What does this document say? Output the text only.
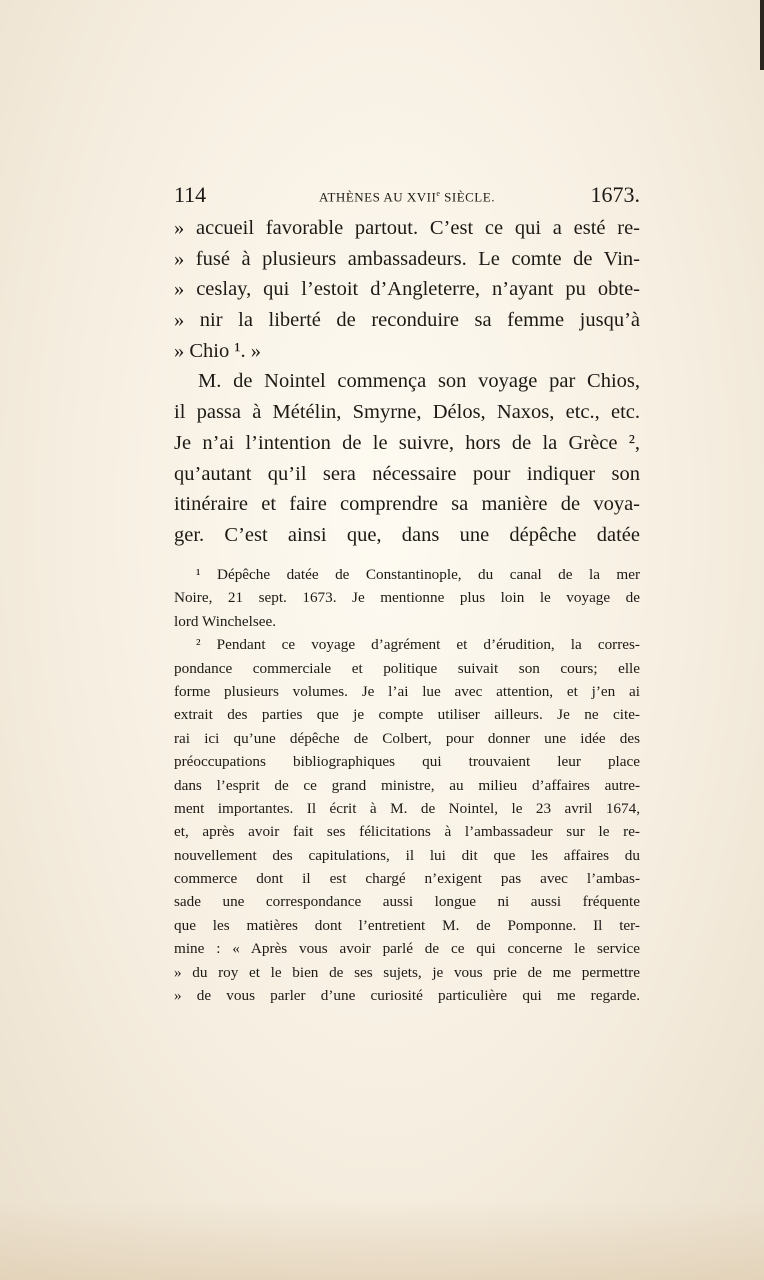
114	ATHÈNES AU XVIIe SIÈCLE.	1673.
» accueil favorable partout. C’est ce qui a esté re-
» fusé à plusieurs ambassadeurs. Le comte de Vin-
» ceslay, qui l’estoit d’Angleterre, n’ayant pu obte-
» nir la liberté de reconduire sa femme jusqu’à
» Chio ¹. »
M. de Nointel commença son voyage par Chios,
il passa à Métélin, Smyrne, Délos, Naxos, etc., etc.
Je n’ai l’intention de le suivre, hors de la Grèce ²,
qu’autant qu’il sera nécessaire pour indiquer son
itinéraire et faire comprendre sa manière de voya-
ger. C’est ainsi que, dans une dépêche datée
¹ Dépêche datée de Constantinople, du canal de la mer
Noire, 21 sept. 1673. Je mentionne plus loin le voyage de
lord Winchelsee.
² Pendant ce voyage d’agrément et d’érudition, la corres-
pondance commerciale et politique suivait son cours; elle
forme plusieurs volumes. Je l’ai lue avec attention, et j’en ai
extrait des parties que je compte utiliser ailleurs. Je ne cite-
rai ici qu’une dépêche de Colbert, pour donner une idée des
préoccupations bibliographiques qui trouvaient leur place
dans l’esprit de ce grand ministre, au milieu d’affaires autre-
ment importantes. Il écrit à M. de Nointel, le 23 avril 1674,
et, après avoir fait ses félicitations à l’ambassadeur sur le re-
nouvellement des capitulations, il lui dit que les affaires du
commerce dont il est chargé n’exigent pas avec l’ambas-
sade une correspondance aussi longue ni aussi fréquente
que les matières dont l’entretient M. de Pomponne. Il ter-
mine : « Après vous avoir parlé de ce qui concerne le service
» du roy et le bien de ses sujets, je vous prie de me permettre
» de vous parler d’une curiosité particulière qui me regarde.
